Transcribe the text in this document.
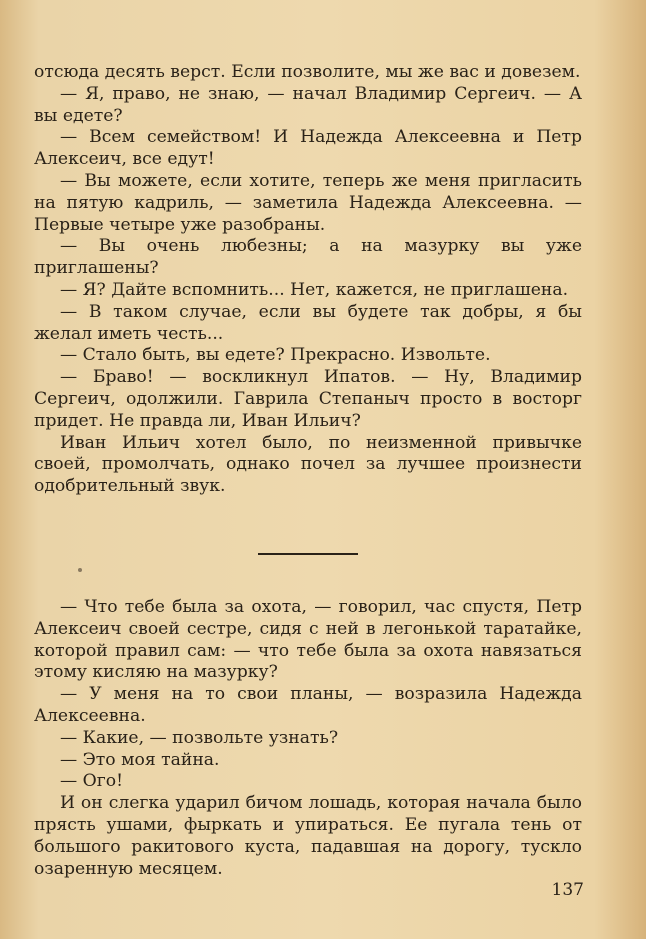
отсюда десять верст. Если позволите, мы же вас и довезем.

— Я, право, не знаю, — начал Владимир Сергеич. — А вы едете?

— Всем семейством! И Надежда Алексеевна и Петр Алексеич, все едут!

— Вы можете, если хотите, теперь же меня пригласить на пятую кадриль, — заметила Надежда Алексеевна. — Первые четыре уже разобраны.

— Вы очень любезны; а на мазурку вы уже приглашены?

— Я? Дайте вспомнить... Нет, кажется, не приглашена.

— В таком случае, если вы будете так добры, я бы желал иметь честь...

— Стало быть, вы едете? Прекрасно. Извольте.

— Браво! — воскликнул Ипатов. — Ну, Владимир Сергеич, одолжили. Гаврила Степаныч просто в восторг придет. Не правда ли, Иван Ильич?

Иван Ильич хотел было, по неизменной привычке своей, промолчать, однако почел за лучшее произнести одобрительный звук.

— Что тебе была за охота, — говорил, час спустя, Петр Алексеич своей сестре, сидя с ней в легонькой таратайке, которой правил сам: — что тебе была за охота навязаться этому кисляю на мазурку?

— У меня на то свои планы, — возразила Надежда Алексеевна.

— Какие, — позвольте узнать?

— Это моя тайна.

— Ого!

И он слегка ударил бичом лошадь, которая начала было прясть ушами, фыркать и упираться. Ее пугала тень от большого ракитового куста, падавшая на дорогу, тускло озаренную месяцем.

137
